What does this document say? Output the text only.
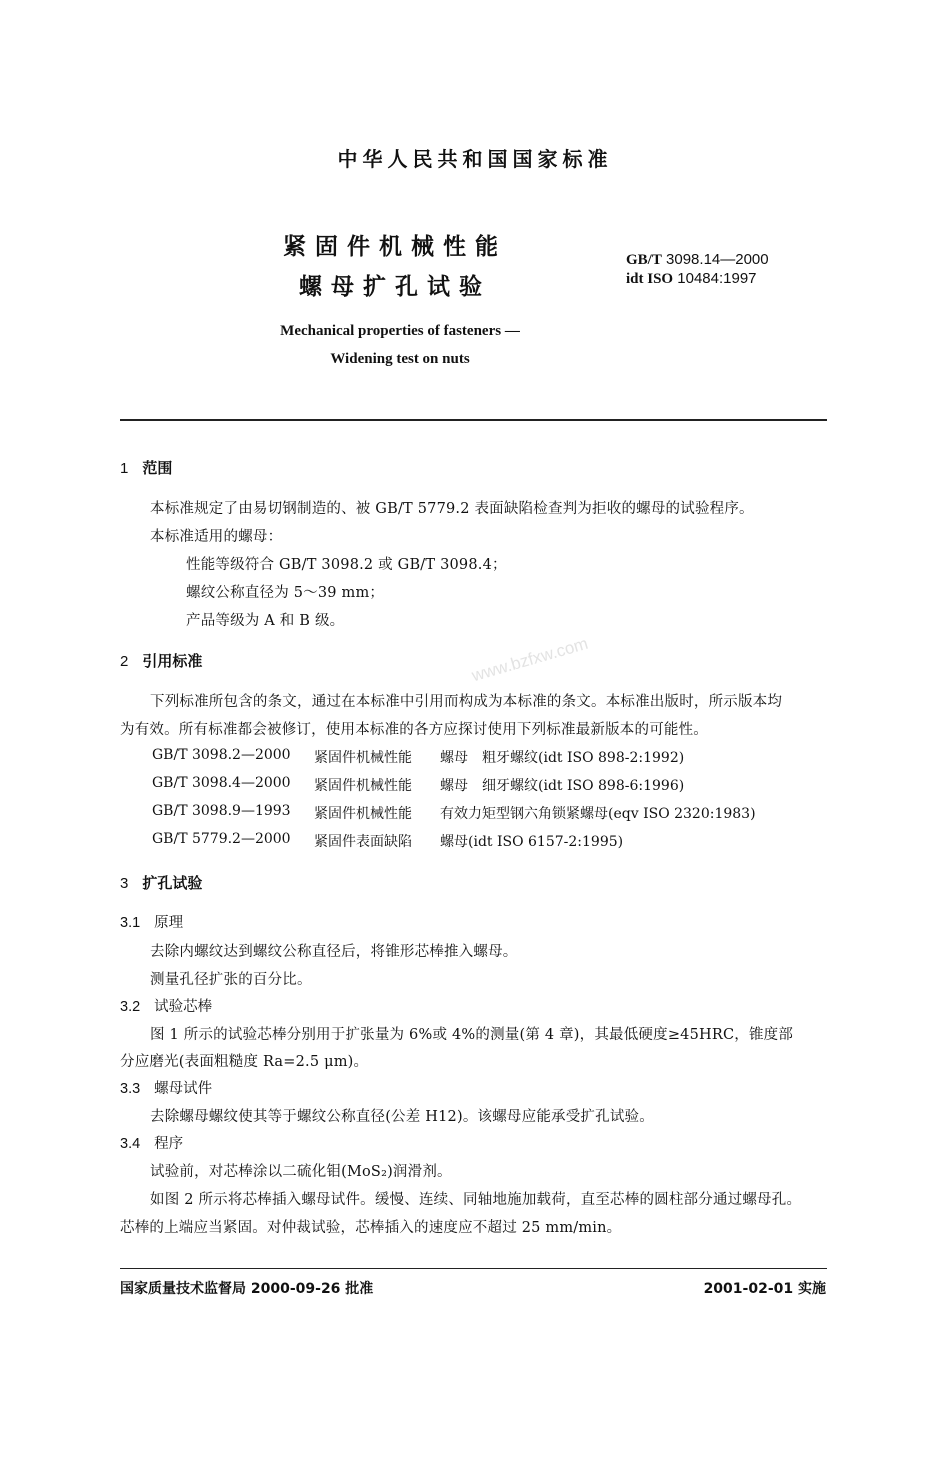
www.bzfxw.com
中华人民共和国国家标准
紧固件机械性能
螺母扩孔试验
GB/T 3098.14—2000
idt ISO 10484:1997
Mechanical properties of fasteners —
Widening test on nuts
1 范围
本标准规定了由易切钢制造的、被 GB/T 5779.2 表面缺陷检查判为拒收的螺母的试验程序。
本标准适用的螺母：
性能等级符合 GB/T 3098.2 或 GB/T 3098.4；
螺纹公称直径为 5～39 mm；
产品等级为 A 和 B 级。
2 引用标准
下列标准所包含的条文，通过在本标准中引用而构成为本标准的条文。本标准出版时，所示版本均
为有效。所有标准都会被修订，使用本标准的各方应探讨使用下列标准最新版本的可能性。
GB/T 3098.2—2000 紧固件机械性能 螺母　粗牙螺纹(idt ISO 898-2:1992)
GB/T 3098.4—2000 紧固件机械性能 螺母　细牙螺纹(idt ISO 898-6:1996)
GB/T 3098.9—1993 紧固件机械性能 有效力矩型钢六角锁紧螺母(eqv ISO 2320:1983)
GB/T 5779.2—2000 紧固件表面缺陷 螺母(idt ISO 6157-2:1995)
3 扩孔试验
3.1 原理
去除内螺纹达到螺纹公称直径后，将锥形芯棒推入螺母。
测量孔径扩张的百分比。
3.2 试验芯棒
图 1 所示的试验芯棒分别用于扩张量为 6%或 4%的测量(第 4 章)，其最低硬度≥45HRC，锥度部
分应磨光(表面粗糙度 Ra=2.5 μm)。
3.3 螺母试件
去除螺母螺纹使其等于螺纹公称直径(公差 H12)。该螺母应能承受扩孔试验。
3.4 程序
试验前，对芯棒涂以二硫化钼(MoS₂)润滑剂。
如图 2 所示将芯棒插入螺母试件。缓慢、连续、同轴地施加载荷，直至芯棒的圆柱部分通过螺母孔。
芯棒的上端应当紧固。对仲裁试验，芯棒插入的速度应不超过 25 mm/min。
国家质量技术监督局 2000-09-26 批准	2001-02-01 实施
